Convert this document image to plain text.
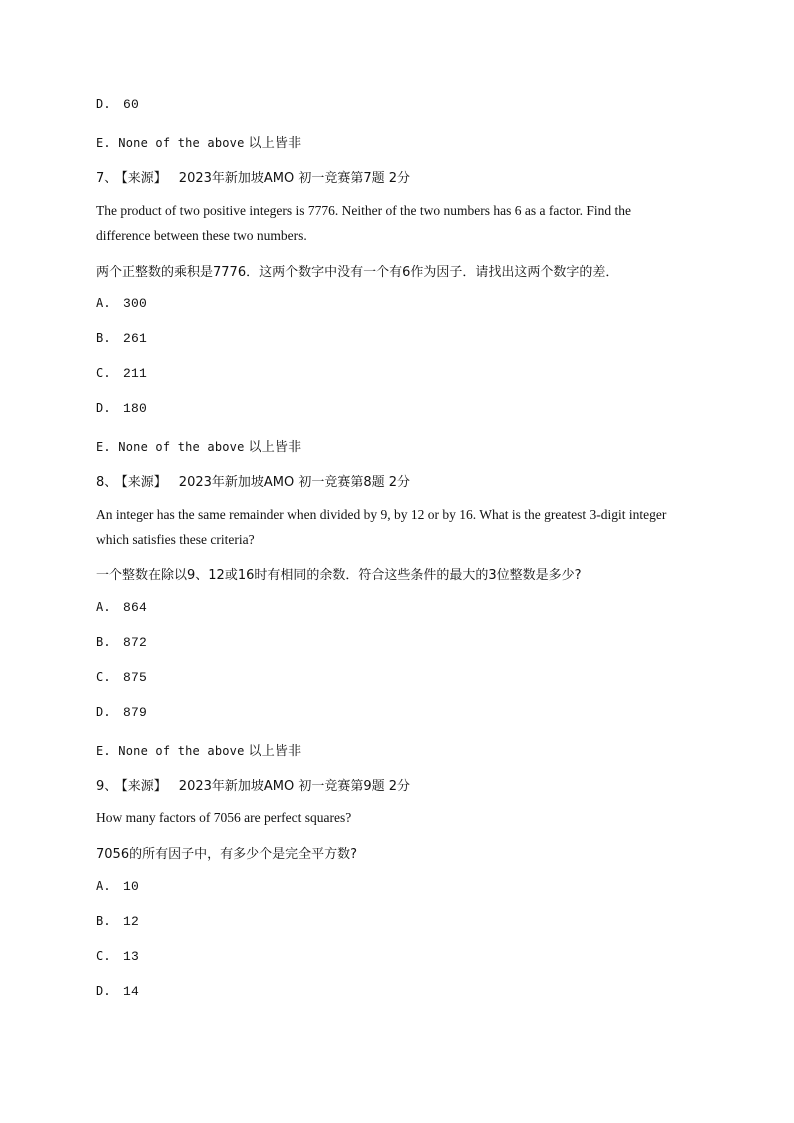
D. 60
E. None of the above 以上皆非
7、 【来源】 2023年新加坡AMO 初一竞赛第7题 2分
The product of two positive integers is 7776. Neither of the two numbers has 6 as a factor. Find the
difference between these two numbers.
两个正整数的乘积是7776．这两个数字中没有一个有6作为因子．请找出这两个数字的差．
A. 300
B. 261
C. 211
D. 180
E. None of the above 以上皆非
8、 【来源】 2023年新加坡AMO 初一竞赛第8题 2分
An integer has the same remainder when divided by 9, by 12 or by 16. What is the greatest 3-digit integer
which satisfies these criteria?
一个整数在除以9、12或16时有相同的余数．符合这些条件的最大的3位整数是多少?
A. 864
B. 872
C. 875
D. 879
E. None of the above 以上皆非
9、 【来源】 2023年新加坡AMO 初一竞赛第9题 2分
How many factors of 7056 are perfect squares?
7056的所有因子中，有多少个是完全平方数?
A. 10
B. 12
C. 13
D. 14
